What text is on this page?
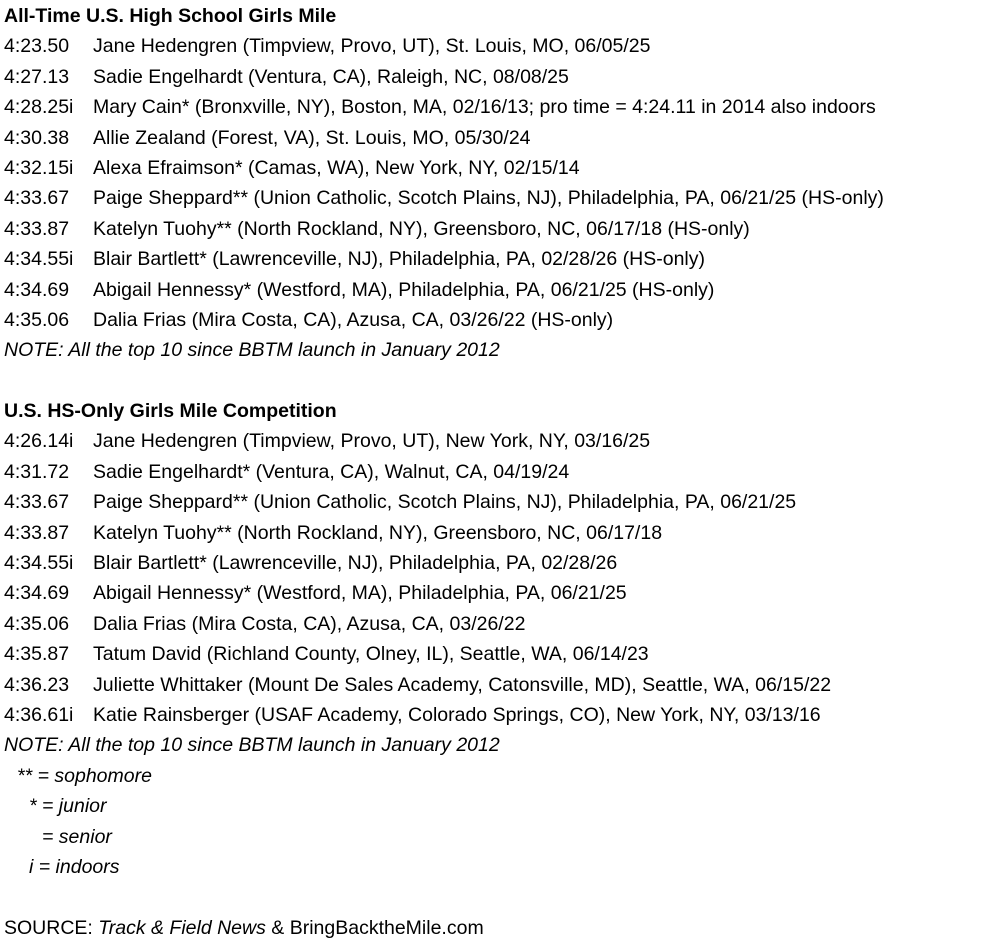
All-Time U.S. High School Girls Mile
4:23.50	Jane Hedengren (Timpview, Provo, UT), St. Louis, MO, 06/05/25
4:27.13	Sadie Engelhardt (Ventura, CA), Raleigh, NC, 08/08/25
4:28.25i	Mary Cain* (Bronxville, NY), Boston, MA, 02/16/13; pro time = 4:24.11 in 2014 also indoors
4:30.38	Allie Zealand (Forest, VA), St. Louis, MO, 05/30/24
4:32.15i	Alexa Efraimson* (Camas, WA), New York, NY, 02/15/14
4:33.67	Paige Sheppard** (Union Catholic, Scotch Plains, NJ), Philadelphia, PA, 06/21/25 (HS-only)
4:33.87	Katelyn Tuohy** (North Rockland, NY), Greensboro, NC, 06/17/18 (HS-only)
4:34.55i	Blair Bartlett* (Lawrenceville, NJ), Philadelphia, PA, 02/28/26 (HS-only)
4:34.69	Abigail Hennessy* (Westford, MA), Philadelphia, PA, 06/21/25 (HS-only)
4:35.06	Dalia Frias (Mira Costa, CA), Azusa, CA, 03/26/22 (HS-only)
NOTE: All the top 10 since BBTM launch in January 2012
U.S. HS-Only Girls Mile Competition
4:26.14i	Jane Hedengren (Timpview, Provo, UT), New York, NY, 03/16/25
4:31.72	Sadie Engelhardt* (Ventura, CA), Walnut, CA, 04/19/24
4:33.67	Paige Sheppard** (Union Catholic, Scotch Plains, NJ), Philadelphia, PA, 06/21/25
4:33.87	Katelyn Tuohy** (North Rockland, NY), Greensboro, NC, 06/17/18
4:34.55i	Blair Bartlett* (Lawrenceville, NJ), Philadelphia, PA, 02/28/26
4:34.69	Abigail Hennessy* (Westford, MA), Philadelphia, PA, 06/21/25
4:35.06	Dalia Frias (Mira Costa, CA), Azusa, CA, 03/26/22
4:35.87	Tatum David (Richland County, Olney, IL), Seattle, WA, 06/14/23
4:36.23	Juliette Whittaker (Mount De Sales Academy, Catonsville, MD), Seattle, WA, 06/15/22
4:36.61i	Katie Rainsberger (USAF Academy, Colorado Springs, CO), New York, NY, 03/13/16
NOTE: All the top 10 since BBTM launch in January 2012
** = sophomore
* = junior
= senior
i = indoors
SOURCE: Track & Field News & BringBacktheMile.com
